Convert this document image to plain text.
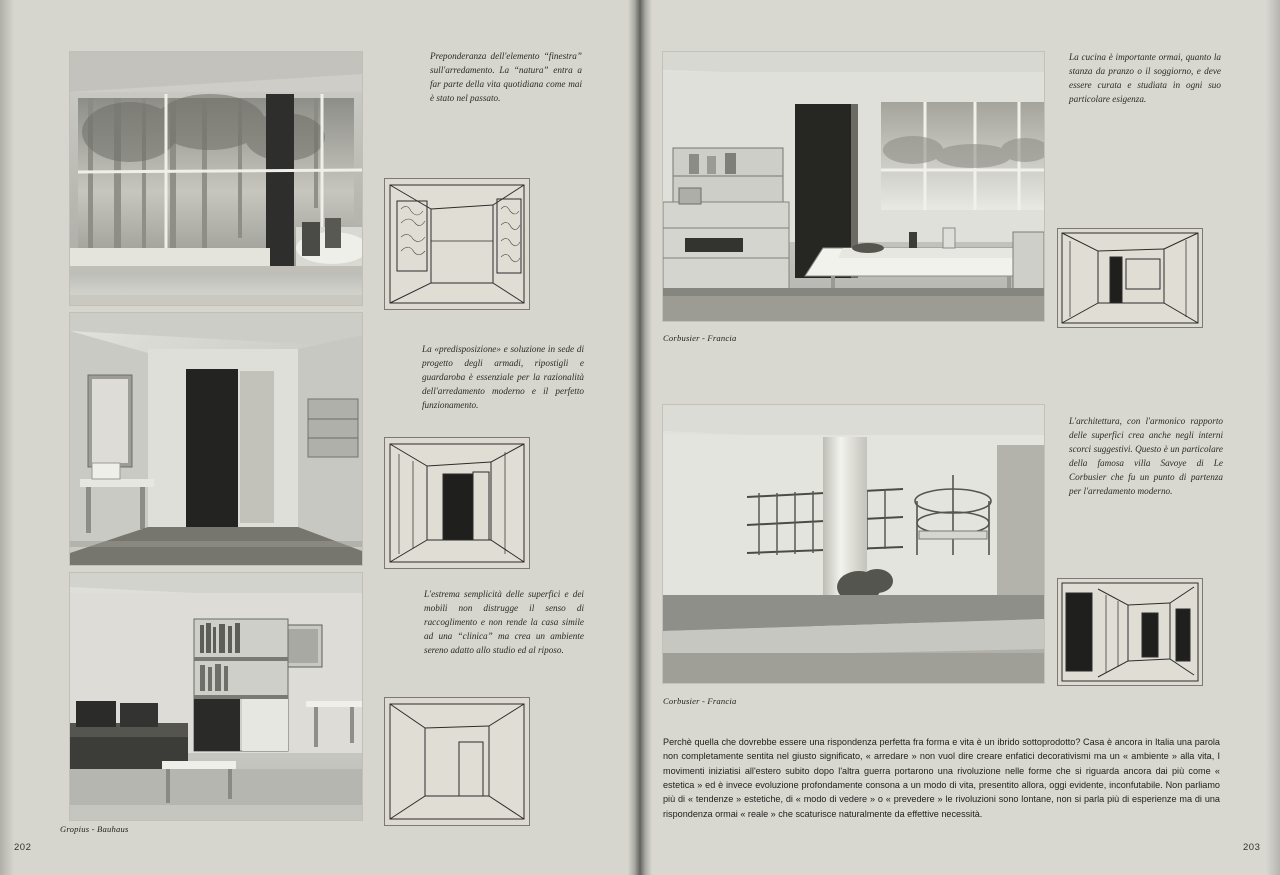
Gropius - Bauhaus
Preponderanza dell'elemento “finestra” sull'arredamento. La “natura” entra a far parte della vita quotidiana come mai è stato nel passato.
La «predisposizione» e soluzione in sede di progetto degli armadi, ripostigli e guardaroba è essenziale per la razionalità dell'arredamento moderno e il perfetto funzionamento.
L'estrema semplicità delle superfici e dei mobili non distrugge il senso di raccoglimento e non rende la casa simile ad una “clinica” ma crea un ambiente sereno adatto allo studio ed al riposo.
202
Corbusier - Francia
Corbusier - Francia
La cucina è importante ormai, quanto la stanza da pranzo o il soggiorno, e deve essere curata e studiata in ogni suo particolare esigenza.
L'architettura, con l'armonico rapporto delle superfici crea anche negli interni scorci suggestivi. Questo è un particolare della famosa villa Savoye di Le Corbusier che fu un punto di partenza per l'arredamento moderno.
Perchè quella che dovrebbe essere una rispondenza perfetta fra forma e vita è un ibrido sottoprodotto? Casa è ancora in Italia una parola non completamente sentita nel giusto significato, « arredare » non vuol dire creare enfatici decorativismi ma un « ambiente » alla vita, I movimenti iniziatisi all'estero subito dopo l'altra guerra portarono una rivoluzione nelle forme che si riguarda ancora dai più come « estetica » ed è invece evoluzione profondamente consona a un modo di vita, presentito allora, oggi evidente, inconfutabile. Non parliamo più di « tendenze » estetiche, di « modo di vedere » o « prevedere » le rivoluzioni sono lontane, non si parla più di esperienze ma di una rispondenza ormai « reale » che scaturisce naturalmente da effettive necessità.
203
